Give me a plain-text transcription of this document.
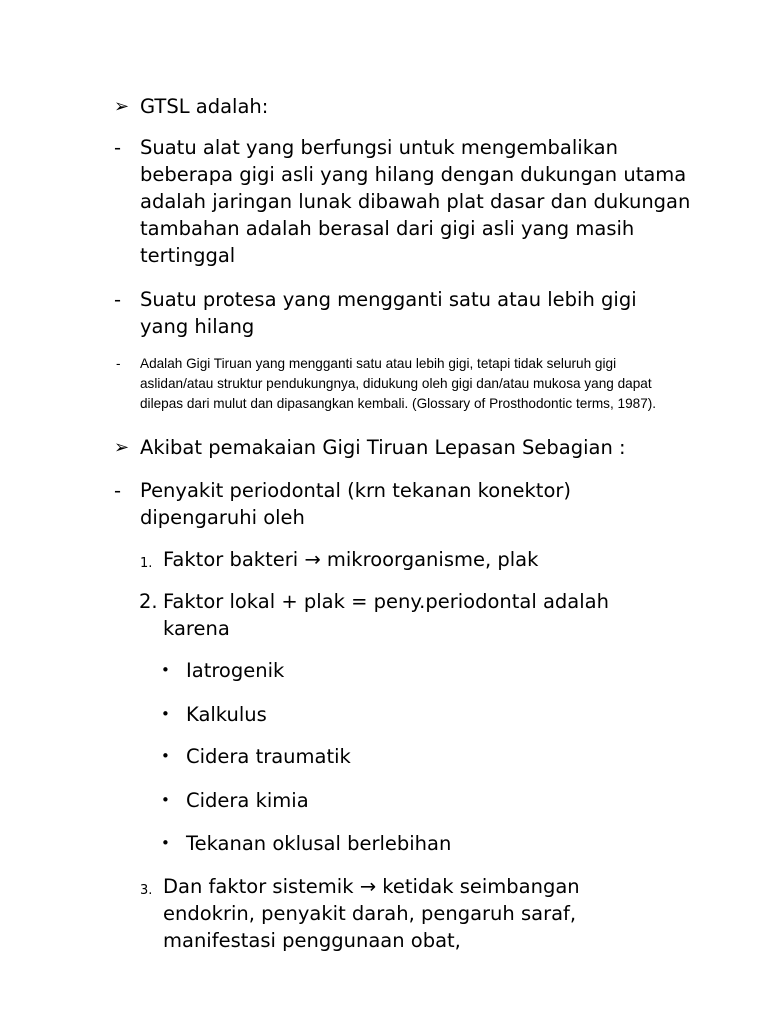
➢ GTSL adalah:
- Suatu alat yang berfungsi untuk mengembalikan beberapa gigi asli yang hilang dengan dukungan utama adalah jaringan lunak dibawah plat dasar dan dukungan tambahan adalah berasal dari gigi asli yang masih tertinggal
- Suatu protesa yang mengganti satu atau lebih gigi yang hilang
- Adalah Gigi Tiruan yang mengganti satu atau lebih gigi, tetapi tidak seluruh gigi aslidan/atau struktur pendukungnya, didukung oleh gigi dan/atau mukosa yang dapat dilepas dari mulut dan dipasangkan kembali. (Glossary of Prosthodontic terms, 1987).
➢ Akibat pemakaian Gigi Tiruan Lepasan Sebagian :
- Penyakit periodontal (krn tekanan konektor) dipengaruhi oleh
1. Faktor bakteri → mikroorganisme, plak
2. Faktor lokal + plak = peny.periodontal adalah karena
• Iatrogenik
• Kalkulus
• Cidera traumatik
• Cidera kimia
• Tekanan oklusal berlebihan
3. Dan faktor sistemik → ketidak seimbangan endokrin, penyakit darah, pengaruh saraf, manifestasi penggunaan obat,
